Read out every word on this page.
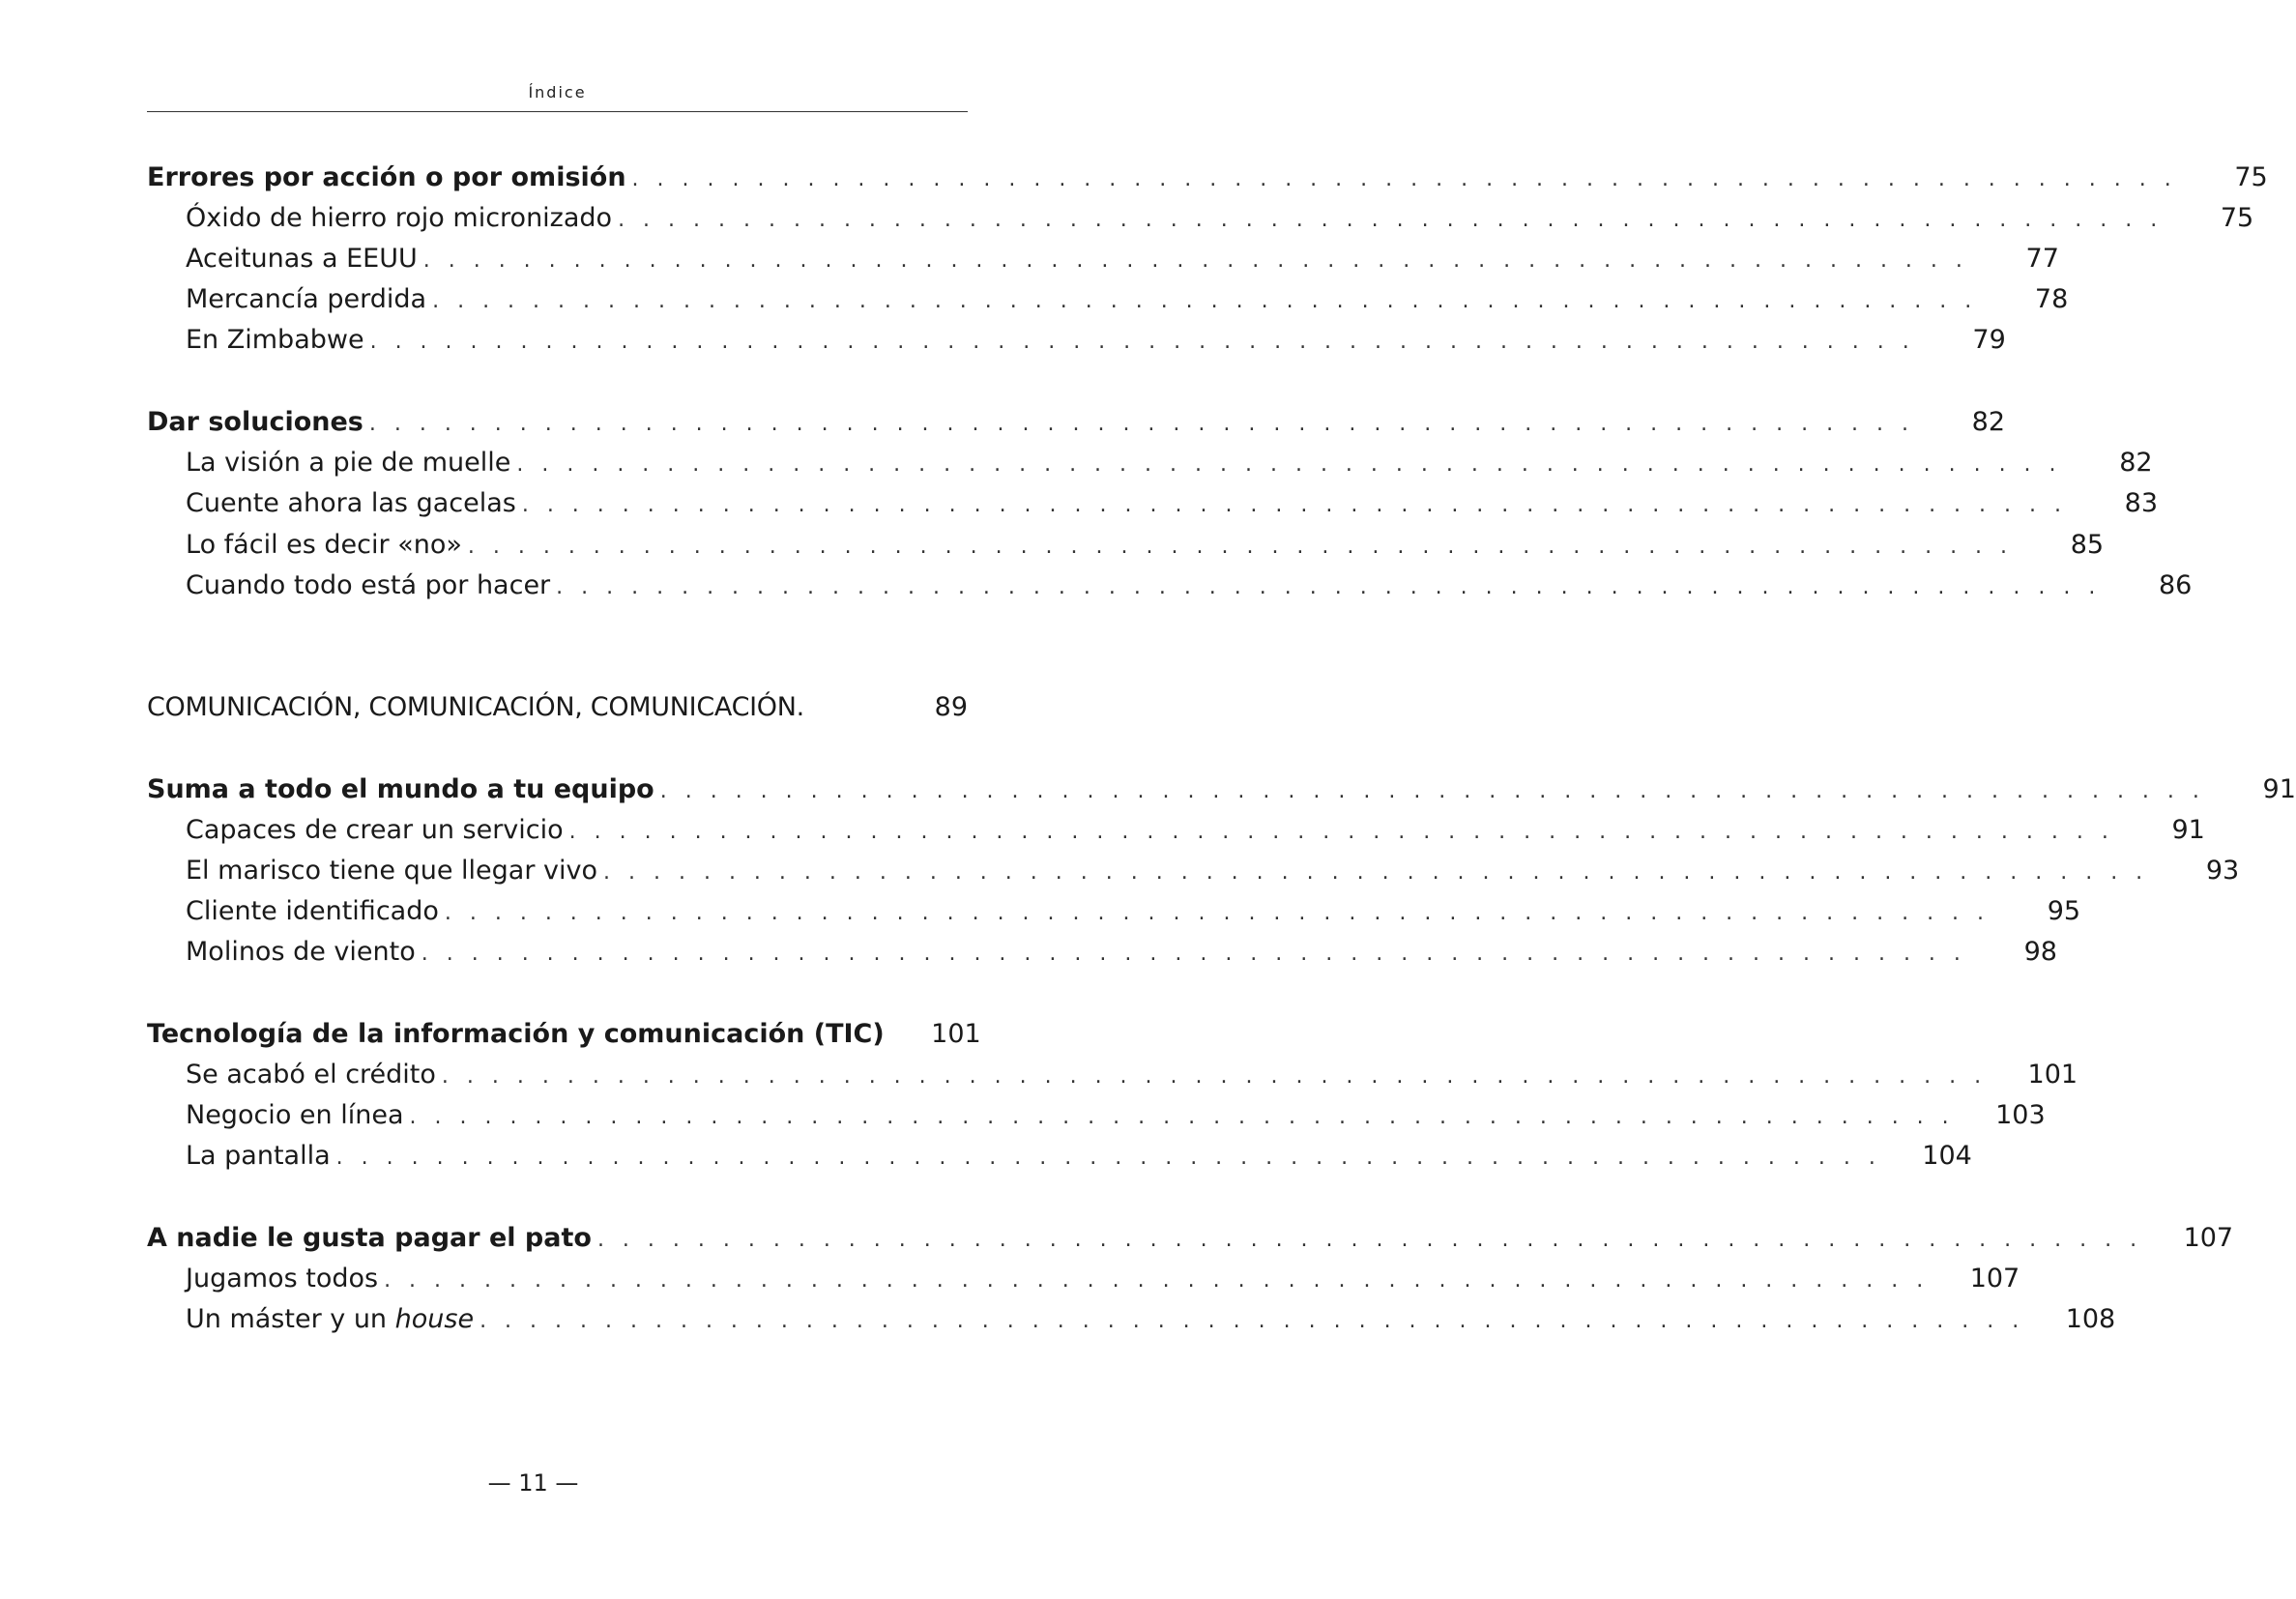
Índice
Errores por acción o por omisión . . . . . . . . . . . . . . . . . . . . . . . . . . . . . . . . . . . . . . . . . . . . . . . . . . . . . . . . . . . . . .	75
Óxido de hierro rojo micronizado . . . . . . . . . . . . . . . . . . . . . . . . . . . . . . . . . . . . . . . . . . . . . . . . . . . . . . . . . . . . . .	75
Aceitunas a EEUU . . . . . . . . . . . . . . . . . . . . . . . . . . . . . . . . . . . . . . . . . . . . . . . . . . . . . . . . . . . . . .	77
Mercancía perdida . . . . . . . . . . . . . . . . . . . . . . . . . . . . . . . . . . . . . . . . . . . . . . . . . . . . . . . . . . . . . .	78
En Zimbabwe . . . . . . . . . . . . . . . . . . . . . . . . . . . . . . . . . . . . . . . . . . . . . . . . . . . . . . . . . . . . . .	79
Dar soluciones . . . . . . . . . . . . . . . . . . . . . . . . . . . . . . . . . . . . . . . . . . . . . . . . . . . . . . . . . . . . . .	82
La visión a pie de muelle . . . . . . . . . . . . . . . . . . . . . . . . . . . . . . . . . . . . . . . . . . . . . . . . . . . . . . . . . . . . . .	82
Cuente ahora las gacelas . . . . . . . . . . . . . . . . . . . . . . . . . . . . . . . . . . . . . . . . . . . . . . . . . . . . . . . . . . . . . .	83
Lo fácil es decir «no» . . . . . . . . . . . . . . . . . . . . . . . . . . . . . . . . . . . . . . . . . . . . . . . . . . . . . . . . . . . . . .	85
Cuando todo está por hacer . . . . . . . . . . . . . . . . . . . . . . . . . . . . . . . . . . . . . . . . . . . . . . . . . . . . . . . . . . . . . .	86
COMUNICACIÓN, COMUNICACIÓN, COMUNICACIÓN.	89
Suma a todo el mundo a tu equipo . . . . . . . . . . . . . . . . . . . . . . . . . . . . . . . . . . . . . . . . . . . . . . . . . . . . . . . . . . . . . .	91
Capaces de crear un servicio . . . . . . . . . . . . . . . . . . . . . . . . . . . . . . . . . . . . . . . . . . . . . . . . . . . . . . . . . . . . . .	91
El marisco tiene que llegar vivo . . . . . . . . . . . . . . . . . . . . . . . . . . . . . . . . . . . . . . . . . . . . . . . . . . . . . . . . . . . . . .	93
Cliente identificado . . . . . . . . . . . . . . . . . . . . . . . . . . . . . . . . . . . . . . . . . . . . . . . . . . . . . . . . . . . . . .	95
Molinos de viento . . . . . . . . . . . . . . . . . . . . . . . . . . . . . . . . . . . . . . . . . . . . . . . . . . . . . . . . . . . . . .	98
Tecnología de la información y comunicación (TIC)	101
Se acabó el crédito . . . . . . . . . . . . . . . . . . . . . . . . . . . . . . . . . . . . . . . . . . . . . . . . . . . . . . . . . . . . . .	101
Negocio en línea . . . . . . . . . . . . . . . . . . . . . . . . . . . . . . . . . . . . . . . . . . . . . . . . . . . . . . . . . . . . . .	103
La pantalla . . . . . . . . . . . . . . . . . . . . . . . . . . . . . . . . . . . . . . . . . . . . . . . . . . . . . . . . . . . . . .	104
A nadie le gusta pagar el pato . . . . . . . . . . . . . . . . . . . . . . . . . . . . . . . . . . . . . . . . . . . . . . . . . . . . . . . . . . . . . .	107
Jugamos todos . . . . . . . . . . . . . . . . . . . . . . . . . . . . . . . . . . . . . . . . . . . . . . . . . . . . . . . . . . . . . .	107
Un máster y un house . . . . . . . . . . . . . . . . . . . . . . . . . . . . . . . . . . . . . . . . . . . . . . . . . . . . . . . . . . . . . .	108
— 11 —
